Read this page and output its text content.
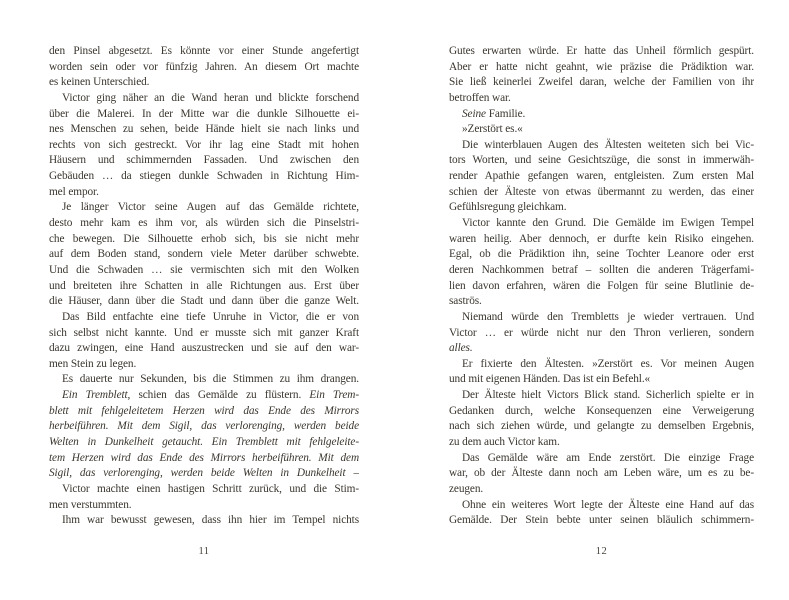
den Pinsel abgesetzt. Es könnte vor einer Stunde angefertigt
worden sein oder vor fünfzig Jahren. An diesem Ort machte
es keinen Unterschied.
Victor ging näher an die Wand heran und blickte forschend
über die Malerei. In der Mitte war die dunkle Silhouette ei-
nes Menschen zu sehen, beide Hände hielt sie nach links und
rechts von sich gestreckt. Vor ihr lag eine Stadt mit hohen
Häusern und schimmernden Fassaden. Und zwischen den
Gebäuden … da stiegen dunkle Schwaden in Richtung Him-
mel empor.
Je länger Victor seine Augen auf das Gemälde richtete,
desto mehr kam es ihm vor, als würden sich die Pinselstri-
che bewegen. Die Silhouette erhob sich, bis sie nicht mehr
auf dem Boden stand, sondern viele Meter darüber schwebte.
Und die Schwaden … sie vermischten sich mit den Wolken
und breiteten ihre Schatten in alle Richtungen aus. Erst über
die Häuser, dann über die Stadt und dann über die ganze Welt.
Das Bild entfachte eine tiefe Unruhe in Victor, die er von
sich selbst nicht kannte. Und er musste sich mit ganzer Kraft
dazu zwingen, eine Hand auszustrecken und sie auf den war-
men Stein zu legen.
Es dauerte nur Sekunden, bis die Stimmen zu ihm drangen.
Ein Tremblett, schien das Gemälde zu flüstern. Ein Trem-
blett mit fehlgeleitetem Herzen wird das Ende des Mirrors
herbeiführen. Mit dem Sigil, das verlorenging, werden beide
Welten in Dunkelheit getaucht. Ein Tremblett mit fehlgeleite-
tem Herzen wird das Ende des Mirrors herbeiführen. Mit dem
Sigil, das verlorenging, werden beide Welten in Dunkelheit –
Victor machte einen hastigen Schritt zurück, und die Stim-
men verstummten.
Ihm war bewusst gewesen, dass ihn hier im Tempel nichts
11
Gutes erwarten würde. Er hatte das Unheil förmlich gespürt.
Aber er hatte nicht geahnt, wie präzise die Prädiktion war.
Sie ließ keinerlei Zweifel daran, welche der Familien von ihr
betroffen war.
Seine Familie.
»Zerstört es.«
Die winterblauen Augen des Ältesten weiteten sich bei Vic-
tors Worten, und seine Gesichtszüge, die sonst in immerwäh-
render Apathie gefangen waren, entgleisten. Zum ersten Mal
schien der Älteste von etwas übermannt zu werden, das einer
Gefühlsregung gleichkam.
Victor kannte den Grund. Die Gemälde im Ewigen Tempel
waren heilig. Aber dennoch, er durfte kein Risiko eingehen.
Egal, ob die Prädiktion ihn, seine Tochter Leanore oder erst
deren Nachkommen betraf – sollten die anderen Trägerfami-
lien davon erfahren, wären die Folgen für seine Blutlinie de-
saströs.
Niemand würde den Trembletts je wieder vertrauen. Und
Victor … er würde nicht nur den Thron verlieren, sondern
alles.
Er fixierte den Ältesten. »Zerstört es. Vor meinen Augen
und mit eigenen Händen. Das ist ein Befehl.«
Der Älteste hielt Victors Blick stand. Sicherlich spielte er in
Gedanken durch, welche Konsequenzen eine Verweigerung
nach sich ziehen würde, und gelangte zu demselben Ergebnis,
zu dem auch Victor kam.
Das Gemälde wäre am Ende zerstört. Die einzige Frage
war, ob der Älteste dann noch am Leben wäre, um es zu be-
zeugen.
Ohne ein weiteres Wort legte der Älteste eine Hand auf das
Gemälde. Der Stein bebte unter seinen bläulich schimmern-
12
